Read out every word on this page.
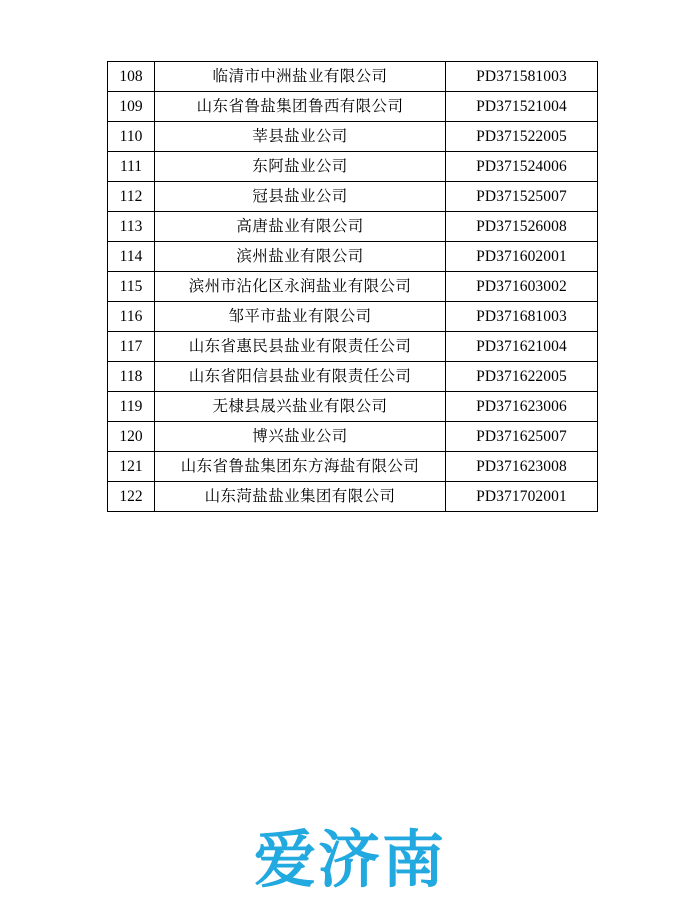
108	临清市中洲盐业有限公司	PD371581003
109	山东省鲁盐集团鲁西有限公司	PD371521004
110	莘县盐业公司	PD371522005
111	东阿盐业公司	PD371524006
112	冠县盐业公司	PD371525007
113	高唐盐业有限公司	PD371526008
114	滨州盐业有限公司	PD371602001
115	滨州市沾化区永润盐业有限公司	PD371603002
116	邹平市盐业有限公司	PD371681003
117	山东省惠民县盐业有限责任公司	PD371621004
118	山东省阳信县盐业有限责任公司	PD371622005
119	无棣县晟兴盐业有限公司	PD371623006
120	博兴盐业公司	PD371625007
121	山东省鲁盐集团东方海盐有限公司	PD371623008
122	山东菏盐盐业集团有限公司	PD371702001
爱济南
